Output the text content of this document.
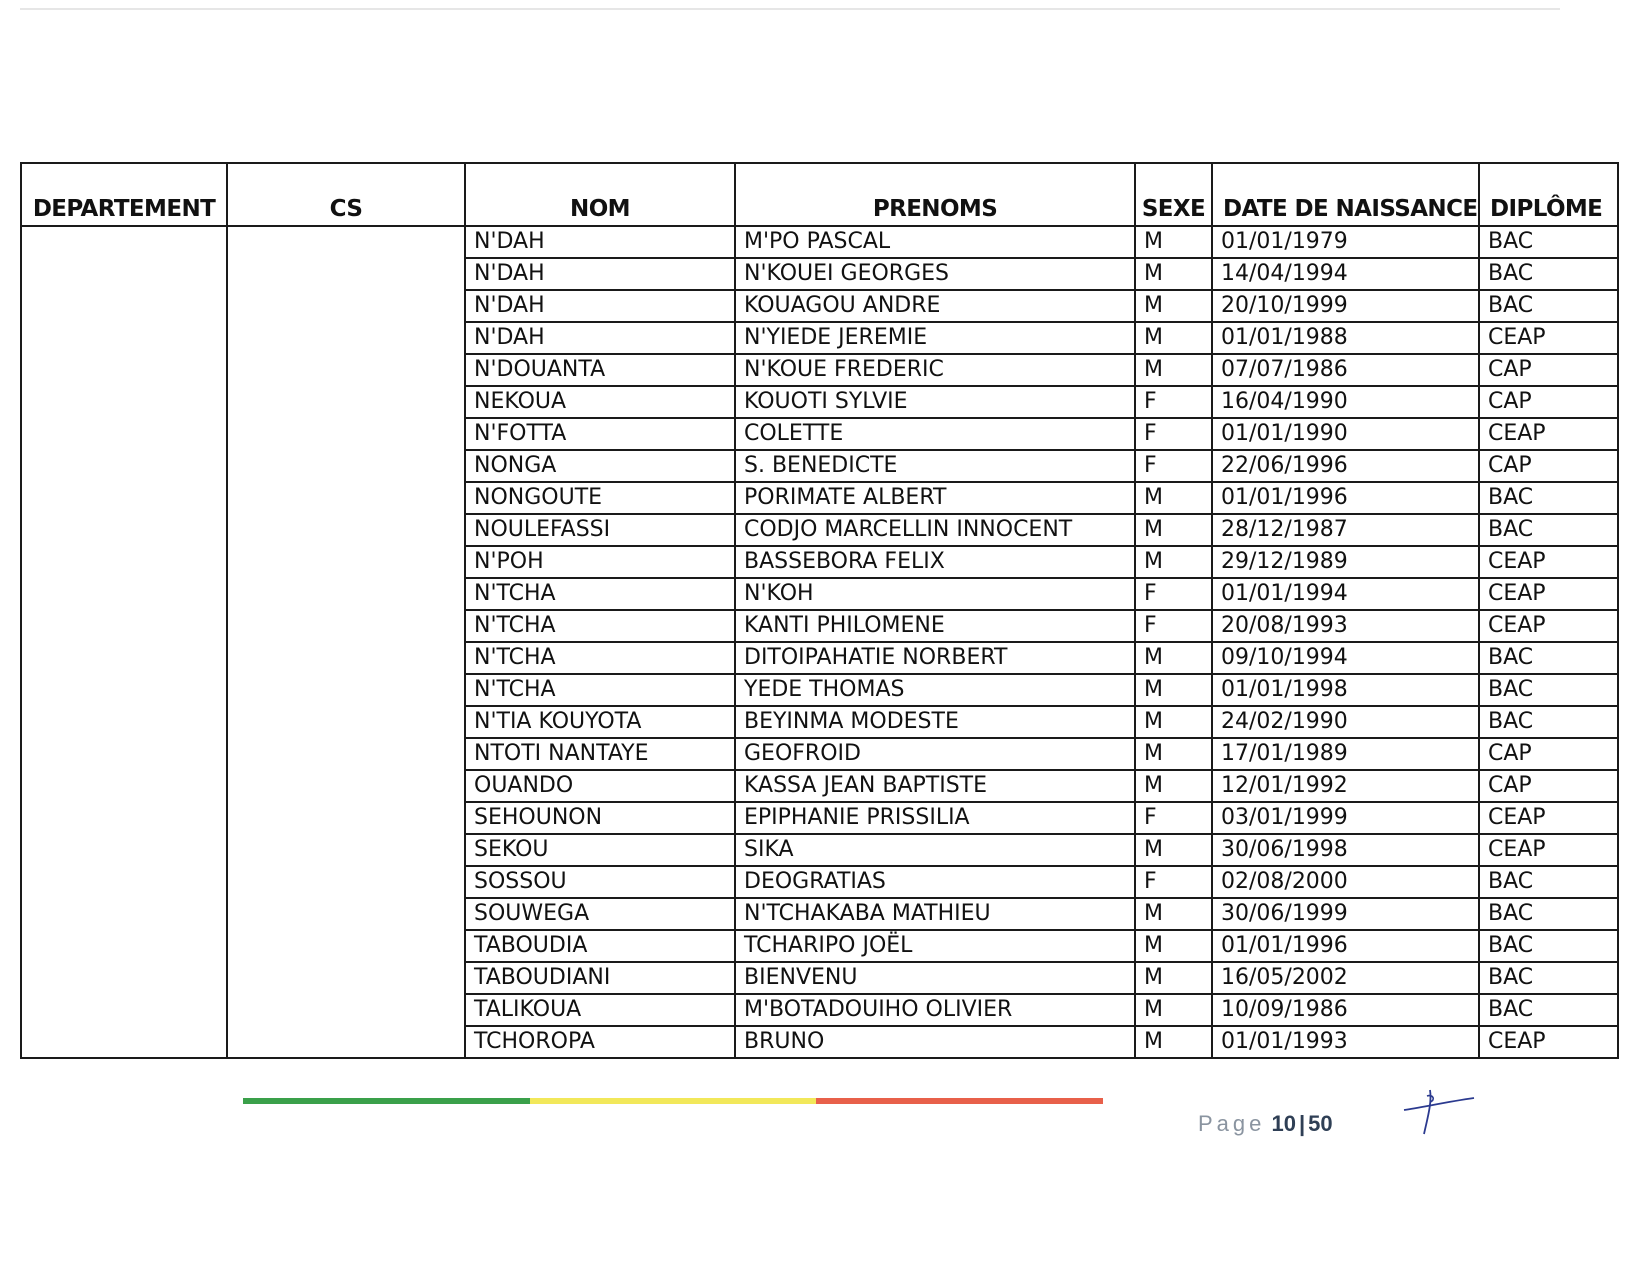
DEPARTEMENT	CS	NOM	PRENOMS	SEXE	DATE DE NAISSANCE	DIPLÔME
		N'DAH	M'PO PASCAL	M	01/01/1979	BAC
		N'DAH	N'KOUEI GEORGES	M	14/04/1994	BAC
		N'DAH	KOUAGOU ANDRE	M	20/10/1999	BAC
		N'DAH	N'YIEDE JEREMIE	M	01/01/1988	CEAP
		N'DOUANTA	N'KOUE FREDERIC	M	07/07/1986	CAP
		NEKOUA	KOUOTI SYLVIE	F	16/04/1990	CAP
		N'FOTTA	COLETTE	F	01/01/1990	CEAP
		NONGA	S. BENEDICTE	F	22/06/1996	CAP
		NONGOUTE	PORIMATE ALBERT	M	01/01/1996	BAC
		NOULEFASSI	CODJO MARCELLIN INNOCENT	M	28/12/1987	BAC
		N'POH	BASSEBORA FELIX	M	29/12/1989	CEAP
		N'TCHA	N'KOH	F	01/01/1994	CEAP
		N'TCHA	KANTI PHILOMENE	F	20/08/1993	CEAP
		N'TCHA	DITOIPAHATIE NORBERT	M	09/10/1994	BAC
		N'TCHA	YEDE THOMAS	M	01/01/1998	BAC
		N'TIA KOUYOTA	BEYINMA MODESTE	M	24/02/1990	BAC
		NTOTI NANTAYE	GEOFROID	M	17/01/1989	CAP
		OUANDO	KASSA JEAN BAPTISTE	M	12/01/1992	CAP
		SEHOUNON	EPIPHANIE PRISSILIA	F	03/01/1999	CEAP
		SEKOU	SIKA	M	30/06/1998	CEAP
		SOSSOU	DEOGRATIAS	F	02/08/2000	BAC
		SOUWEGA	N'TCHAKABA MATHIEU	M	30/06/1999	BAC
		TABOUDIA	TCHARIPO JOËL	M	01/01/1996	BAC
		TABOUDIANI	BIENVENU	M	16/05/2002	BAC
		TALIKOUA	M'BOTADOUIHO OLIVIER	M	10/09/1986	BAC
		TCHOROPA	BRUNO	M	01/01/1993	CEAP
Page 10 | 50
